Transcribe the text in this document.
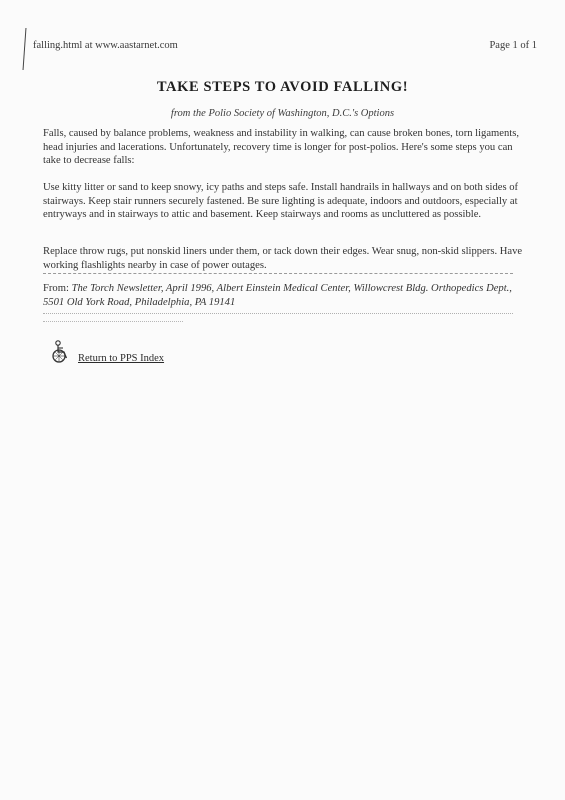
falling.html at www.aastarnet.com	Page 1 of 1
TAKE STEPS TO AVOID FALLING!
from the Polio Society of Washington, D.C.'s Options
Falls, caused by balance problems, weakness and instability in walking, can cause broken bones, torn ligaments, head injuries and lacerations. Unfortunately, recovery time is longer for post-polios. Here's some steps you can take to decrease falls:
Use kitty litter or sand to keep snowy, icy paths and steps safe. Install handrails in hallways and on both sides of stairways. Keep stair runners securely fastened. Be sure lighting is adequate, indoors and outdoors, especially at entryways and in stairways to attic and basement. Keep stairways and rooms as uncluttered as possible.
Replace throw rugs, put nonskid liners under them, or tack down their edges. Wear snug, non-skid slippers. Have working flashlights nearby in case of power outages.
From: The Torch Newsletter, April 1996, Albert Einstein Medical Center, Willowcrest Bldg. Orthopedics Dept., 5501 Old York Road, Philadelphia, PA 19141
Return to PPS Index
